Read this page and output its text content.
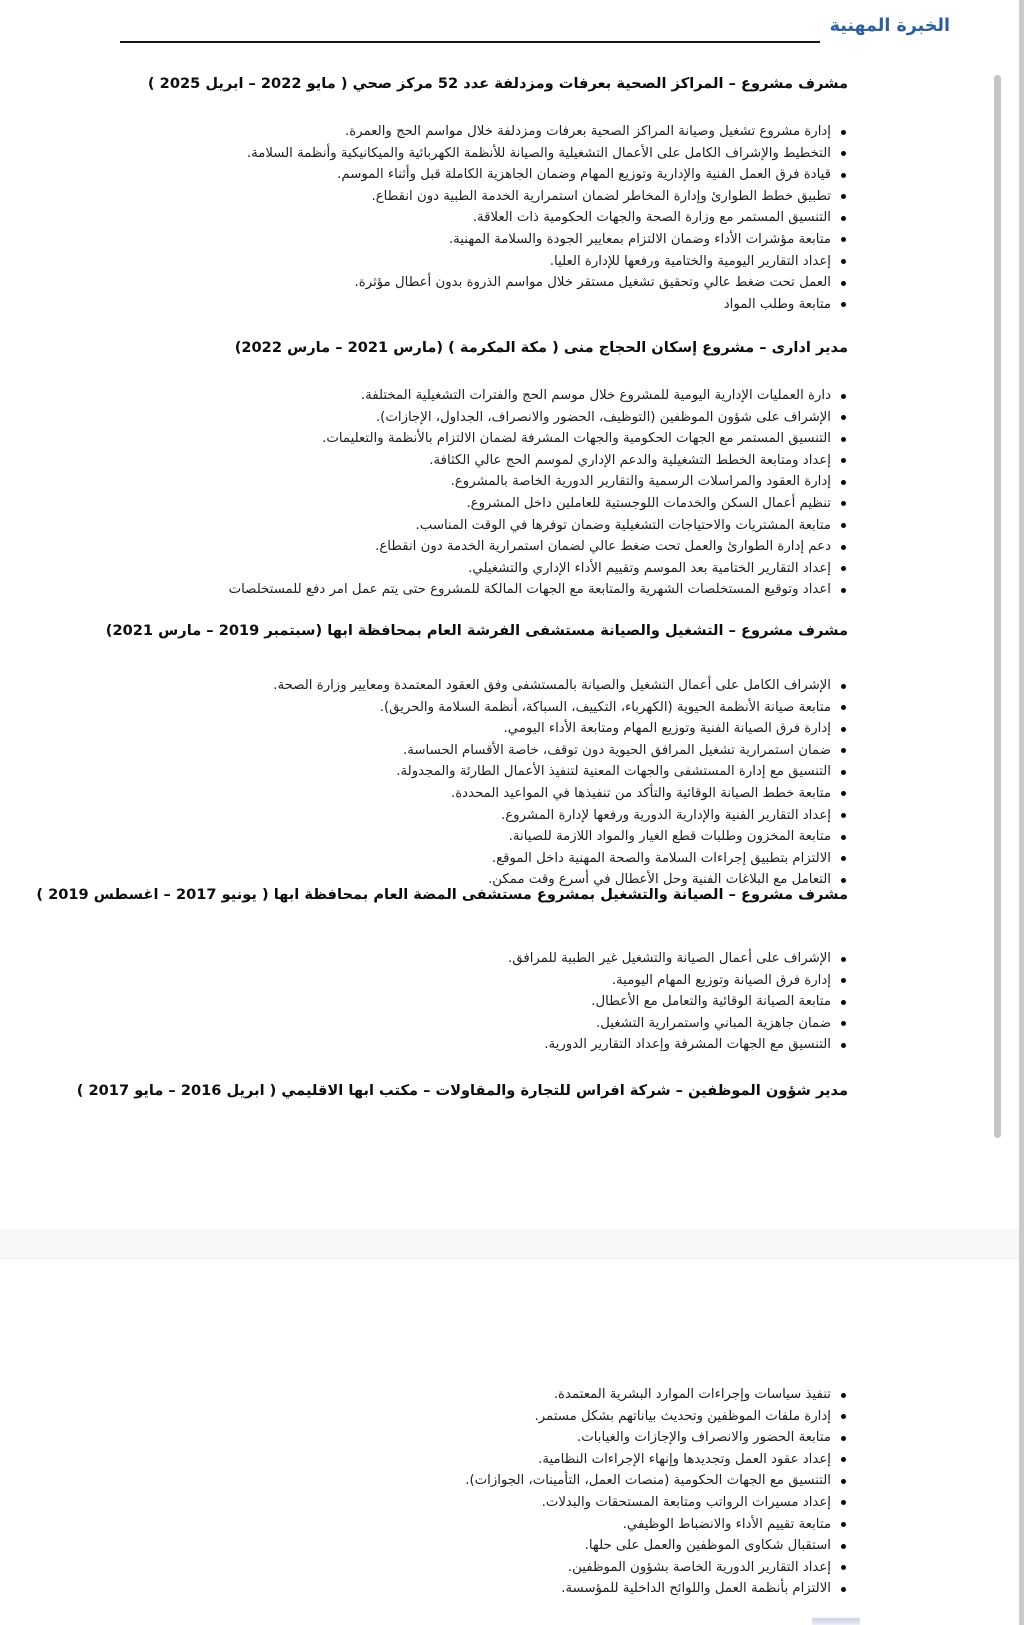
الخبرة المهنية
مشرف مشروع – المراكز الصحية بعرفات ومزدلفة عدد 52 مركز صحي ( مايو 2022 – ابريل 2025 )
إدارة مشروع تشغيل وصيانة المراكز الصحية بعرفات ومزدلفة خلال مواسم الحج والعمرة.
التخطيط والإشراف الكامل على الأعمال التشغيلية والصيانة للأنظمة الكهربائية والميكانيكية وأنظمة السلامة.
قيادة فرق العمل الفنية والإدارية وتوزيع المهام وضمان الجاهزية الكاملة قبل وأثناء الموسم.
تطبيق خطط الطوارئ وإدارة المخاطر لضمان استمرارية الخدمة الطبية دون انقطاع.
التنسيق المستمر مع وزارة الصحة والجهات الحكومية ذات العلاقة.
متابعة مؤشرات الأداء وضمان الالتزام بمعايير الجودة والسلامة المهنية.
إعداد التقارير اليومية والختامية ورفعها للإدارة العليا.
العمل تحت ضغط عالي وتحقيق تشغيل مستقر خلال مواسم الذروة بدون أعطال مؤثرة.
متابعة وطلب المواد
مدير ادارى – مشروع إسكان الحجاج منى ( مكة المكرمة ) (مارس 2021 – مارس 2022)
دارة العمليات الإدارية اليومية للمشروع خلال موسم الحج والفترات التشغيلية المختلفة.
الإشراف على شؤون الموظفين (التوظيف، الحضور والانصراف، الجداول، الإجازات).
التنسيق المستمر مع الجهات الحكومية والجهات المشرفة لضمان الالتزام بالأنظمة والتعليمات.
إعداد ومتابعة الخطط التشغيلية والدعم الإداري لموسم الحج عالي الكثافة.
إدارة العقود والمراسلات الرسمية والتقارير الدورية الخاصة بالمشروع.
تنظيم أعمال السكن والخدمات اللوجستية للعاملين داخل المشروع.
متابعة المشتريات والاحتياجات التشغيلية وضمان توفرها في الوقت المناسب.
دعم إدارة الطوارئ والعمل تحت ضغط عالي لضمان استمرارية الخدمة دون انقطاع.
إعداد التقارير الختامية بعد الموسم وتقييم الأداء الإداري والتشغيلي.
اعداد وتوقيع المستخلصات الشهرية والمتابعة مع الجهات المالكة للمشروع حتى يتم عمل امر دفع للمستخلصات
مشرف مشروع – التشغيل والصيانة مستشفى الفرشة العام بمحافظة ابها (سبتمبر 2019 – مارس 2021)
الإشراف الكامل على أعمال التشغيل والصيانة بالمستشفى وفق العقود المعتمدة ومعايير وزارة الصحة.
متابعة صيانة الأنظمة الحيوية (الكهرباء، التكييف، السباكة، أنظمة السلامة والحريق).
إدارة فرق الصيانة الفنية وتوزيع المهام ومتابعة الأداء اليومي.
ضمان استمرارية تشغيل المرافق الحيوية دون توقف، خاصة الأقسام الحساسة.
التنسيق مع إدارة المستشفى والجهات المعنية لتنفيذ الأعمال الطارئة والمجدولة.
متابعة خطط الصيانة الوقائية والتأكد من تنفيذها في المواعيد المحددة.
إعداد التقارير الفنية والإدارية الدورية ورفعها لإدارة المشروع.
متابعة المخزون وطلبات قطع الغيار والمواد اللازمة للصيانة.
الالتزام بتطبيق إجراءات السلامة والصحة المهنية داخل الموقع.
التعامل مع البلاغات الفنية وحل الأعطال في أسرع وقت ممكن.
مشرف مشروع – الصيانة والتشغيل بمشروع مستشفى المضة العام بمحافظة ابها ( يونيو 2017 – اغسطس 2019 )
الإشراف على أعمال الصيانة والتشغيل غير الطبية للمرافق.
إدارة فرق الصيانة وتوزيع المهام اليومية.
متابعة الصيانة الوقائية والتعامل مع الأعطال.
ضمان جاهزية المباني واستمرارية التشغيل.
التنسيق مع الجهات المشرفة وإعداد التقارير الدورية.
مدير شؤون الموظفين – شركة افراس للتجارة والمقاولات – مكتب ابها الاقليمي ( ابريل 2016 – مايو 2017 )
تنفيذ سياسات وإجراءات الموارد البشرية المعتمدة.
إدارة ملفات الموظفين وتحديث بياناتهم بشكل مستمر.
متابعة الحضور والانصراف والإجازات والغيابات.
إعداد عقود العمل وتجديدها وإنهاء الإجراءات النظامية.
التنسيق مع الجهات الحكومية (منصات العمل، التأمينات، الجوازات).
إعداد مسيرات الرواتب ومتابعة المستحقات والبدلات.
متابعة تقييم الأداء والانضباط الوظيفي.
استقبال شكاوى الموظفين والعمل على حلها.
إعداد التقارير الدورية الخاصة بشؤون الموظفين.
الالتزام بأنظمة العمل واللوائح الداخلية للمؤسسة.
